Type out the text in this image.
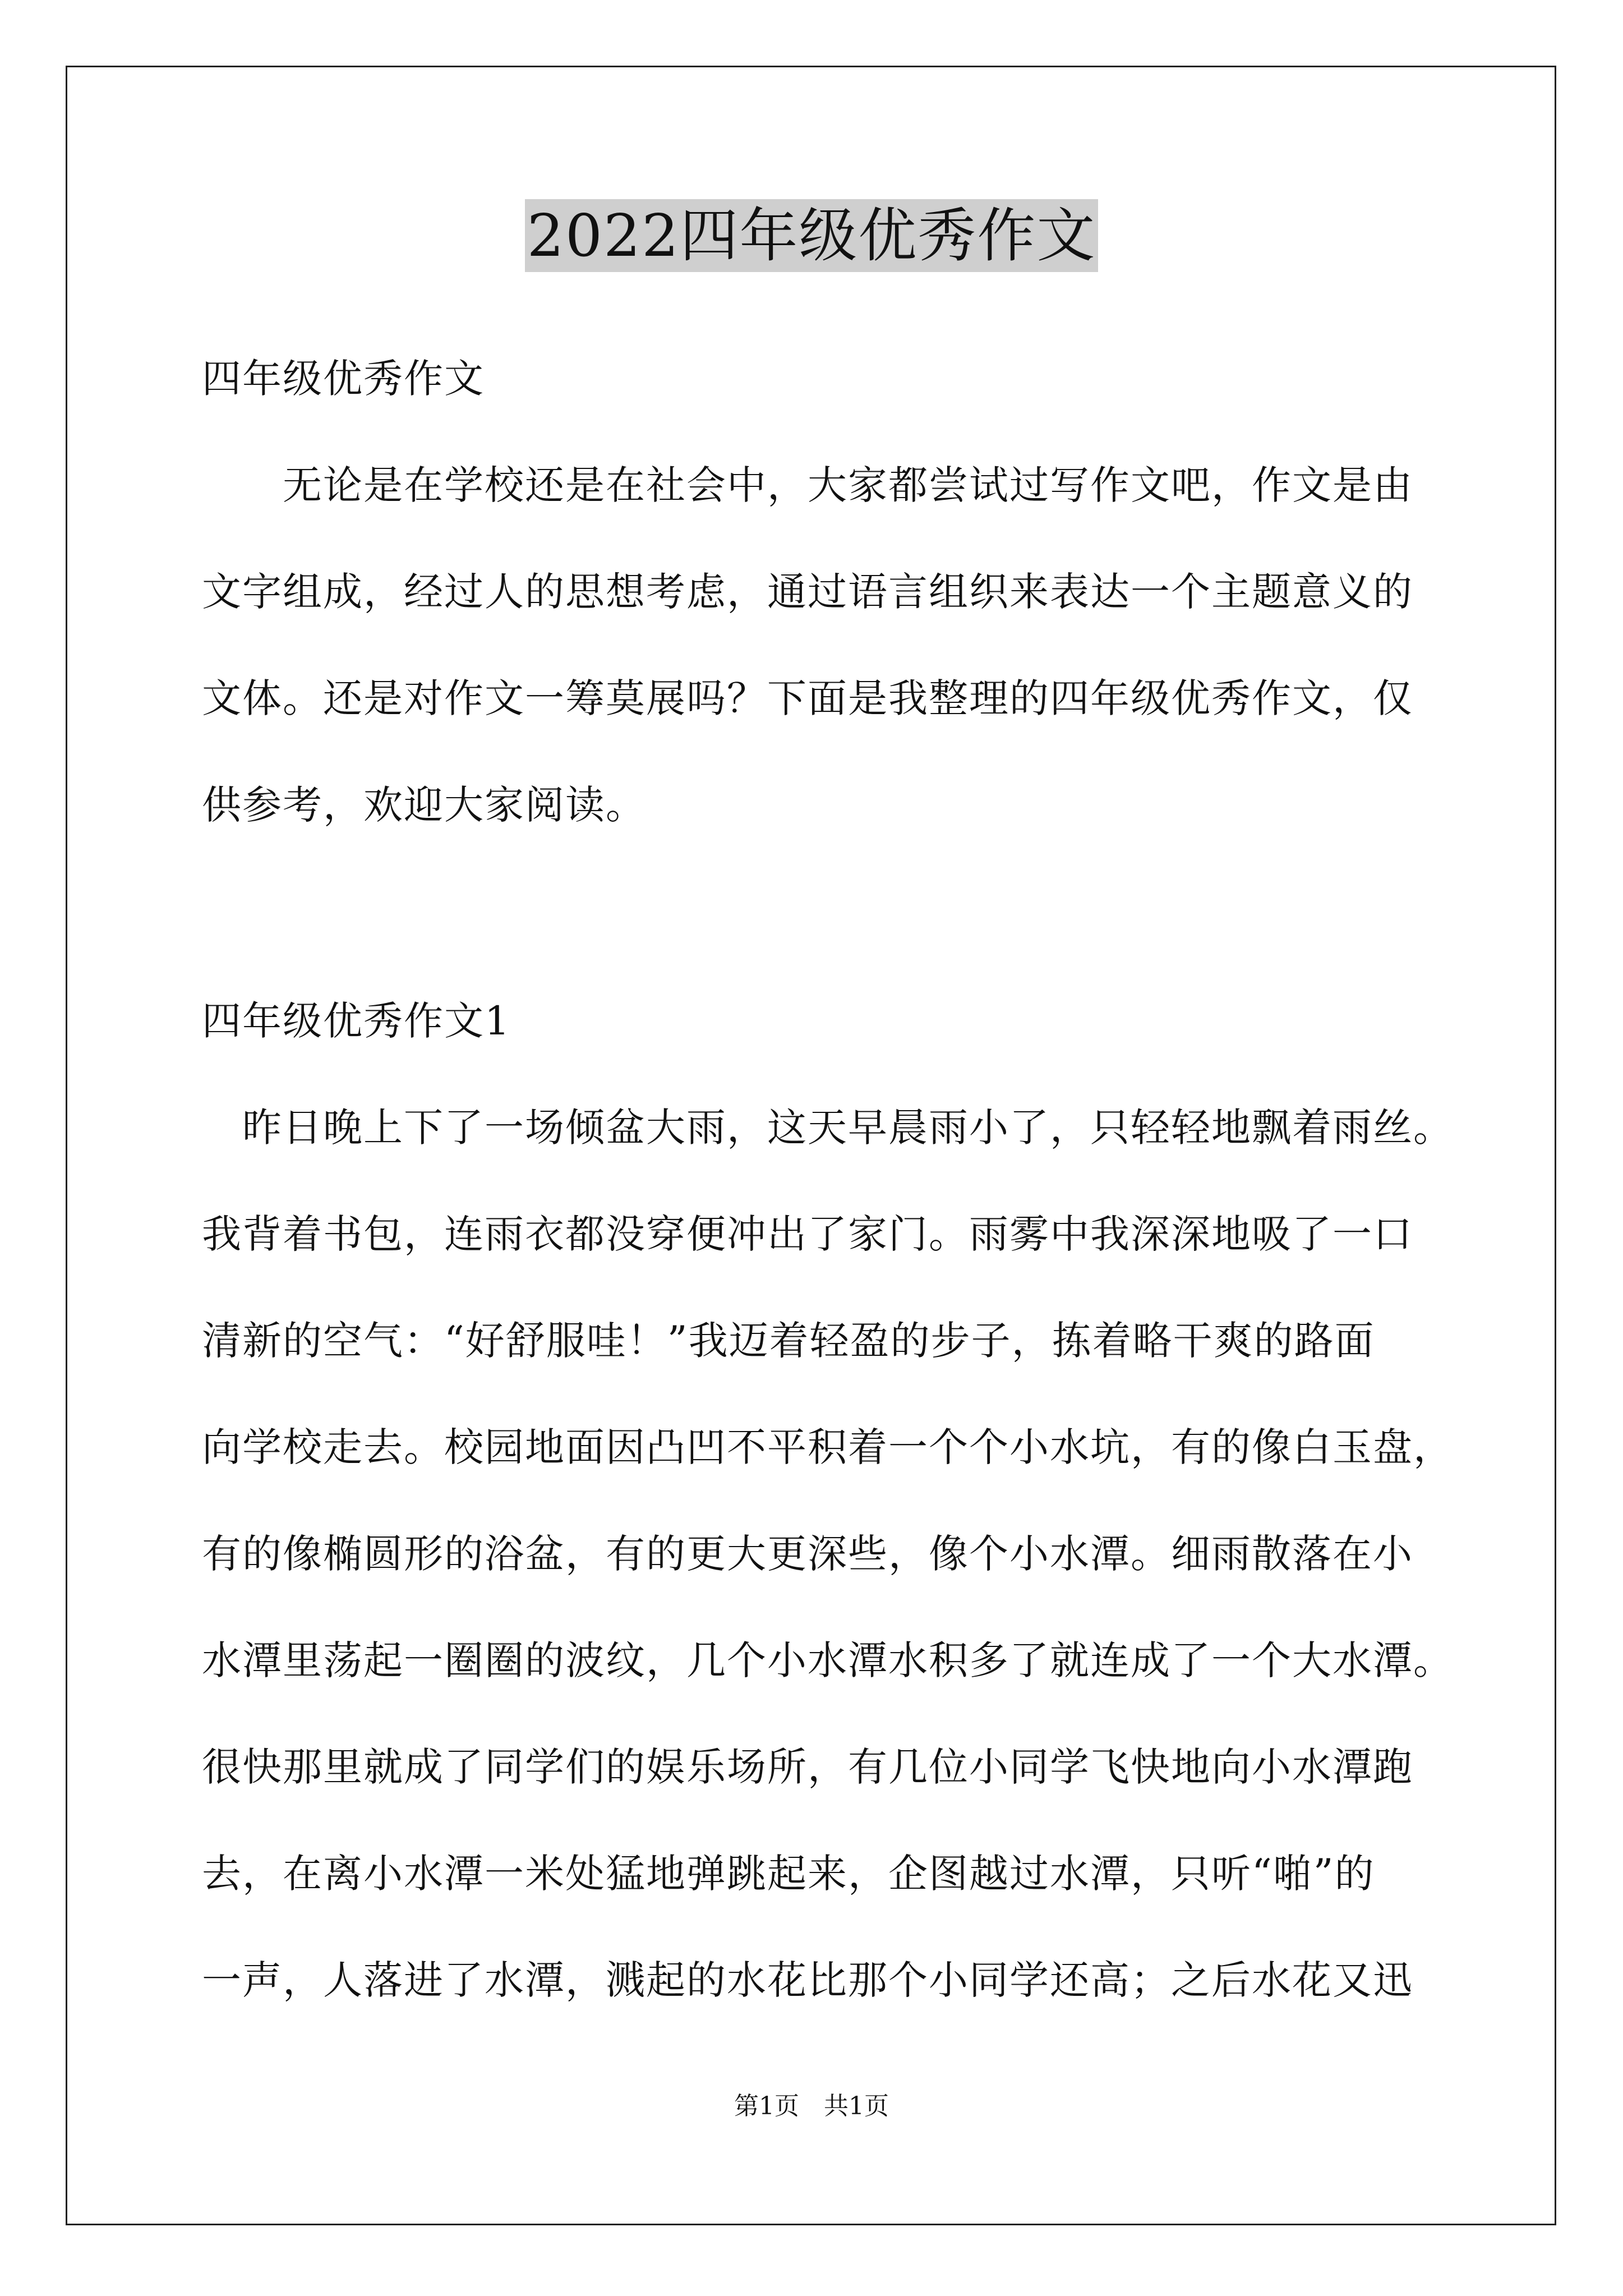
2022四年级优秀作文
四年级优秀作文
　　无论是在学校还是在社会中，大家都尝试过写作文吧，作文是由
文字组成，经过人的思想考虑，通过语言组织来表达一个主题意义的
文体。还是对作文一筹莫展吗？下面是我整理的四年级优秀作文，仅
供参考，欢迎大家阅读。
四年级优秀作文1
　昨日晚上下了一场倾盆大雨，这天早晨雨小了，只轻轻地飘着雨丝。
我背着书包，连雨衣都没穿便冲出了家门。雨雾中我深深地吸了一口
清新的空气：“好舒服哇！”我迈着轻盈的步子，拣着略干爽的路面
向学校走去。校园地面因凸凹不平积着一个个小水坑，有的像白玉盘，
有的像椭圆形的浴盆，有的更大更深些，像个小水潭。细雨散落在小
水潭里荡起一圈圈的波纹，几个小水潭水积多了就连成了一个大水潭。
很快那里就成了同学们的娱乐场所，有几位小同学飞快地向小水潭跑
去，在离小水潭一米处猛地弹跳起来，企图越过水潭，只听“啪”的
一声，人落进了水潭，溅起的水花比那个小同学还高；之后水花又迅
第1页　共1页
